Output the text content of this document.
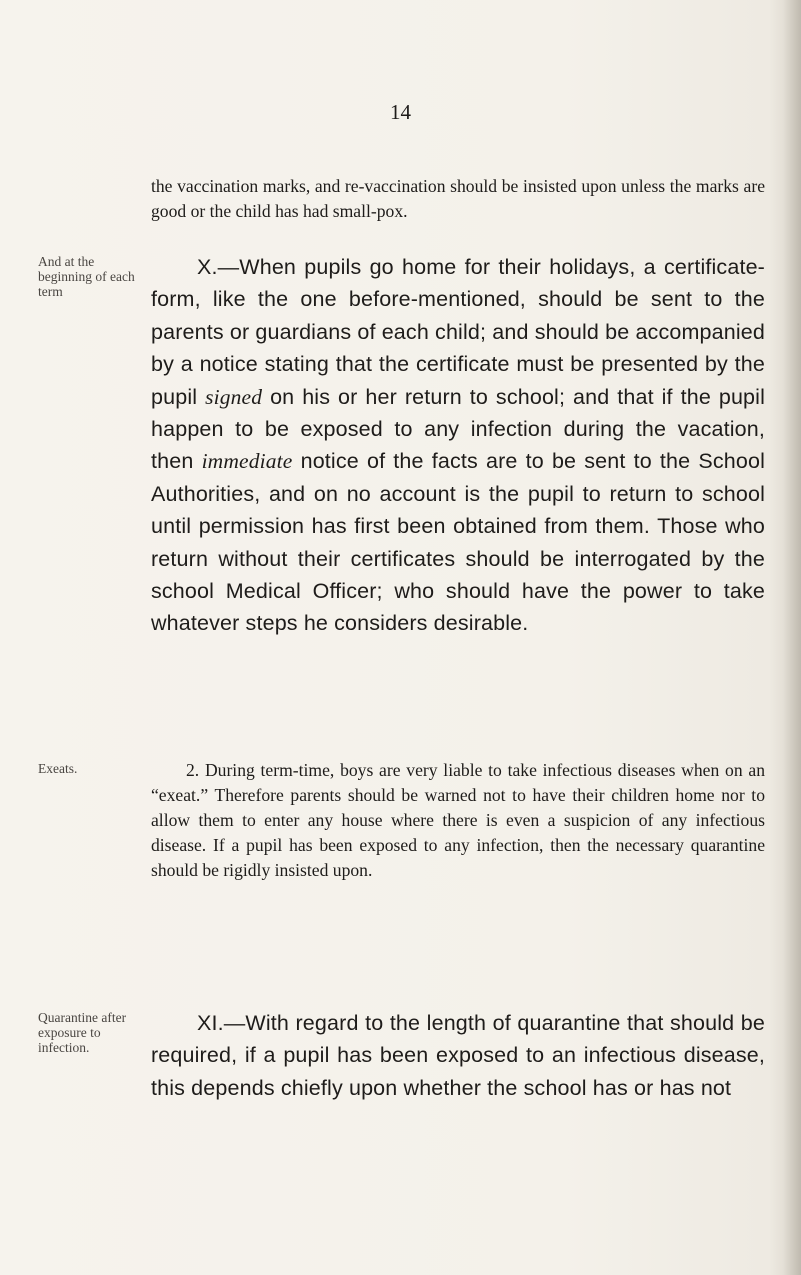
14
And at the beginning of each term
Exeats.
Quarantine after exposure to infection.

the vaccination marks, and re-vaccination should be insisted upon unless the marks are good or the child has had small-pox.

X.—When pupils go home for their holidays, a certificate-form, like the one before-mentioned, should be sent to the parents or guardians of each child; and should be accompanied by a notice stating that the certificate must be presented by the pupil signed on his or her return to school; and that if the pupil happen to be exposed to any infection during the vacation, then immediate notice of the facts are to be sent to the School Authorities, and on no account is the pupil to return to school until permission has first been obtained from them. Those who return without their certificates should be interrogated by the school Medical Officer; who should have the power to take whatever steps he considers desirable.

2. During term-time, boys are very liable to take infectious diseases when on an “exeat.” Therefore parents should be warned not to have their children home nor to allow them to enter any house where there is even a suspicion of any infectious disease. If a pupil has been exposed to any infection, then the necessary quarantine should be rigidly insisted upon.

XI.—With regard to the length of quarantine that should be required, if a pupil has been exposed to an infectious disease, this depends chiefly upon whether the school has or has not
